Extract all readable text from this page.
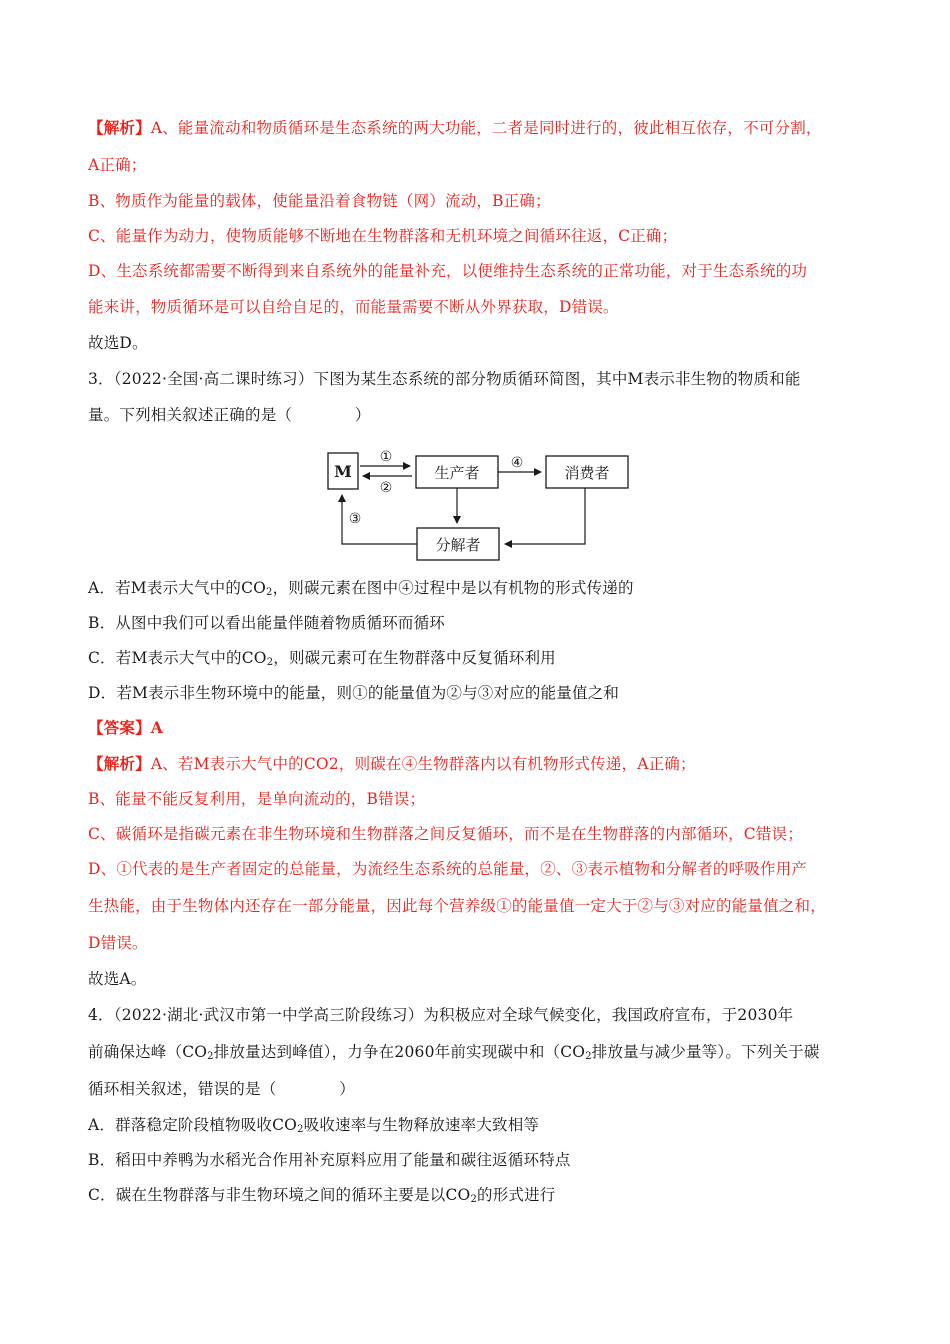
【解析】A、能量流动和物质循环是生态系统的两大功能，二者是同时进行的，彼此相互依存，不可分割，
A正确；
B、物质作为能量的载体，使能量沿着食物链（网）流动，B正确；
C、能量作为动力，使物质能够不断地在生物群落和无机环境之间循环往返，C正确；
D、生态系统都需要不断得到来自系统外的能量补充，以便维持生态系统的正常功能，对于生态系统的功
能来讲，物质循环是可以自给自足的，而能量需要不断从外界获取，D错误。
故选D。
3．（2022·全国·高二课时练习）下图为某生态系统的部分物质循环简图，其中M表示非生物的物质和能
量。下列相关叙述正确的是（　　　　）
M	生产者	消费者
分解者
①
②
④
③
A．若M表示大气中的$CO_2$，则碳元素在图中④过程中是以有机物的形式传递的
B．从图中我们可以看出能量伴随着物质循环而循环
C．若M表示大气中的$CO_2$，则碳元素可在生物群落中反复循环利用
D．若M表示非生物环境中的能量，则①的能量值为②与③对应的能量值之和
【答案】A
【解析】A、若M表示大气中的CO2，则碳在④生物群落内以有机物形式传递，A正确；
B、能量不能反复利用，是单向流动的，B错误；
C、碳循环是指碳元素在非生物环境和生物群落之间反复循环，而不是在生物群落的内部循环，C错误；
D、①代表的是生产者固定的总能量，为流经生态系统的总能量，②、③表示植物和分解者的呼吸作用产
生热能，由于生物体内还存在一部分能量，因此每个营养级①的能量值一定大于②与③对应的能量值之和，
D错误。
故选A。
4．（2022·湖北·武汉市第一中学高三阶段练习）为积极应对全球气候变化，我国政府宣布，于2030年
前确保达峰（$CO_2$排放量达到峰值），力争在2060年前实现碳中和（$CO_2$排放量与减少量等）。下列关于碳
循环相关叙述，错误的是（　　　　）
A．群落稳定阶段植物吸收$CO_2$吸收速率与生物释放速率大致相等
B．稻田中养鸭为水稻光合作用补充原料应用了能量和碳往返循环特点
C．碳在生物群落与非生物环境之间的循环主要是以$CO_2$的形式进行
